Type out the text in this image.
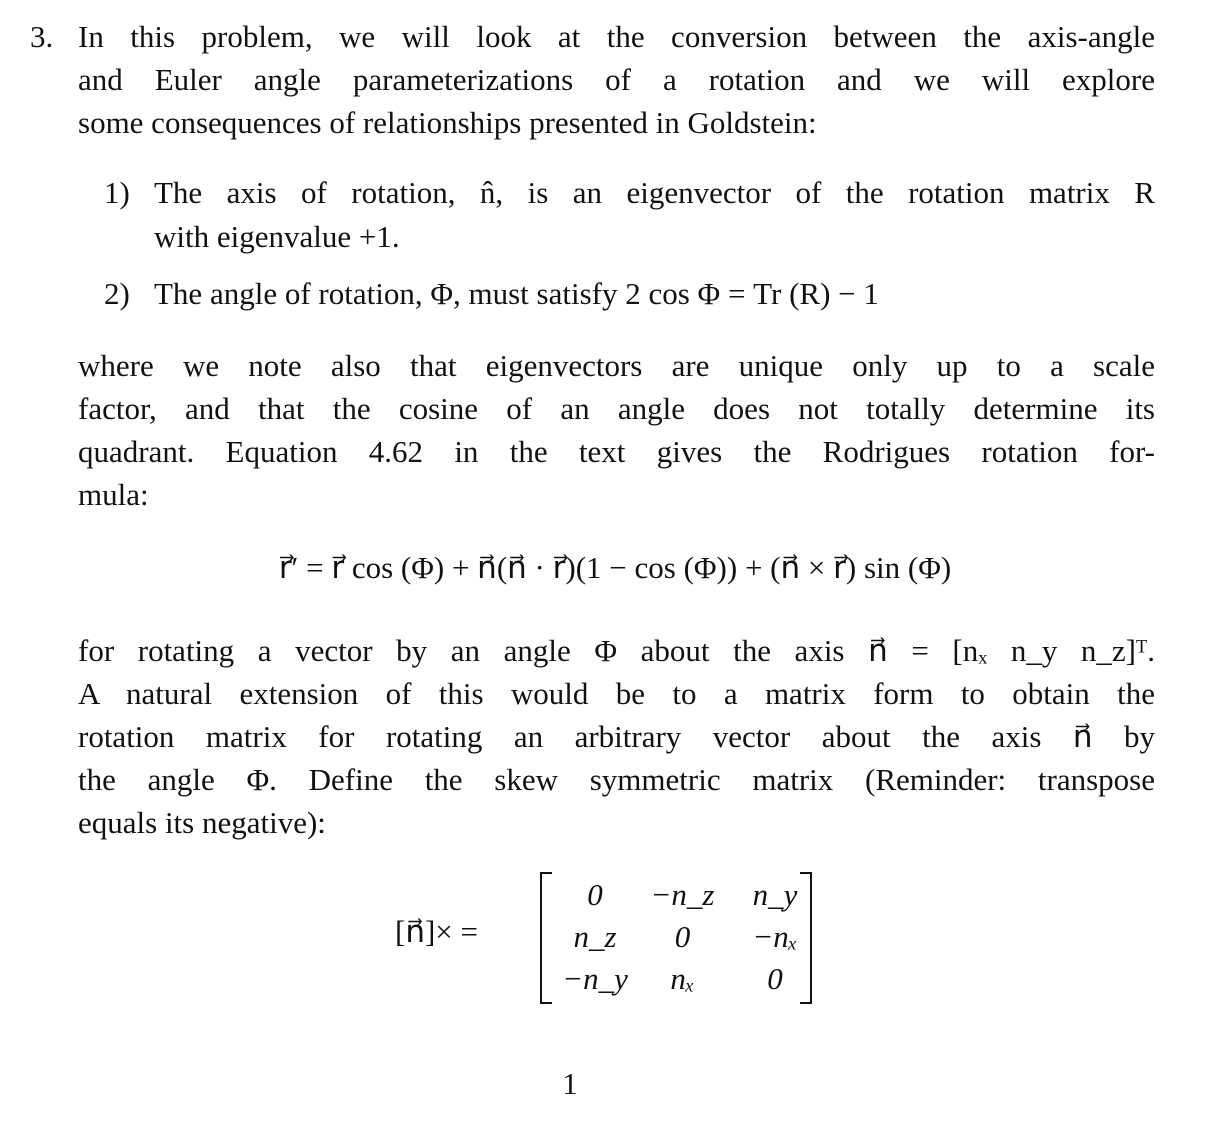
3. In this problem, we will look at the conversion between the axis-angle
and Euler angle parameterizations of a rotation and we will explore
some consequences of relationships presented in Goldstein:
1) The axis of rotation, n̂, is an eigenvector of the rotation matrix R
with eigenvalue +1.
2) The angle of rotation, Φ, must satisfy 2 cos Φ = Tr (R) − 1
where we note also that eigenvectors are unique only up to a scale
factor, and that the cosine of an angle does not totally determine its
quadrant. Equation 4.62 in the text gives the Rodrigues rotation for-
mula:
r⃗′ = r⃗ cos (Φ) + n⃗(n⃗ · r⃗)(1 − cos (Φ)) + (n⃗ × r⃗) sin (Φ)
for rotating a vector by an angle Φ about the axis n⃗ = [nₓ n_y n_z]ᵀ.
A natural extension of this would be to a matrix form to obtain the
rotation matrix for rotating an arbitrary vector about the axis n⃗ by
the angle Φ. Define the skew symmetric matrix (Reminder: transpose
equals its negative):
[n⃗]× =
0	−n_z	n_y
n_z	0	−nₓ
−n_y	nₓ	0
1
